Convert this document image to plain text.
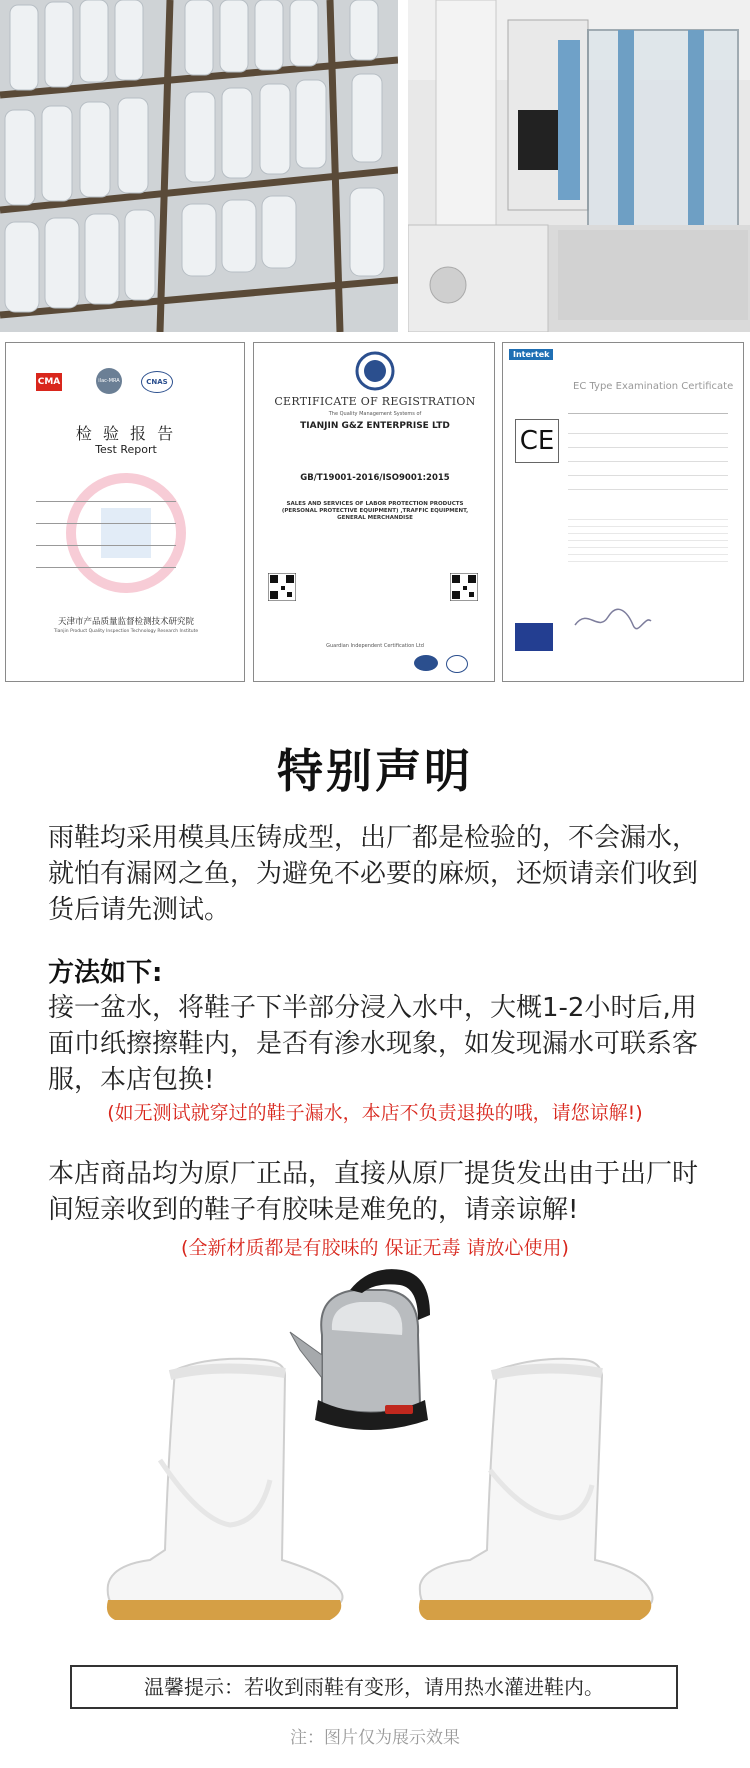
CMA	ilac-MRA	CNAS
检 验 报 告
Test Report
天津市产品质量监督检测技术研究院
Tianjin Product Quality Inspection Technology Research Institute
CERTIFICATE OF REGISTRATION
The Quality Management Systems of
TIANJIN G&Z ENTERPRISE LTD
GB/T19001-2016/ISO9001:2015
SALES AND SERVICES OF LABOR PROTECTION PRODUCTS (PERSONAL PROTECTIVE EQUIPMENT) ,TRAFFIC EQUIPMENT, GENERAL MERCHANDISE
Guardian Independent Certification Ltd
Intertek
EC Type Examination Certificate
CE
特别声明
雨鞋均采用模具压铸成型，出厂都是检验的，不会漏水，就怕有漏网之鱼，为避免不必要的麻烦，还烦请亲们收到货后请先测试。
方法如下:
接一盆水，将鞋子下半部分浸入水中，大概1-2小时后,用面巾纸擦擦鞋内，是否有渗水现象，如发现漏水可联系客服，本店包换!
(如无测试就穿过的鞋子漏水，本店不负责退换的哦，请您谅解!)
本店商品均为原厂正品，直接从原厂提货发出由于出厂时间短亲收到的鞋子有胶味是难免的，请亲谅解!
(全新材质都是有胶味的 保证无毒 请放心使用)
温馨提示：若收到雨鞋有变形，请用热水灌进鞋内。
注：图片仅为展示效果
